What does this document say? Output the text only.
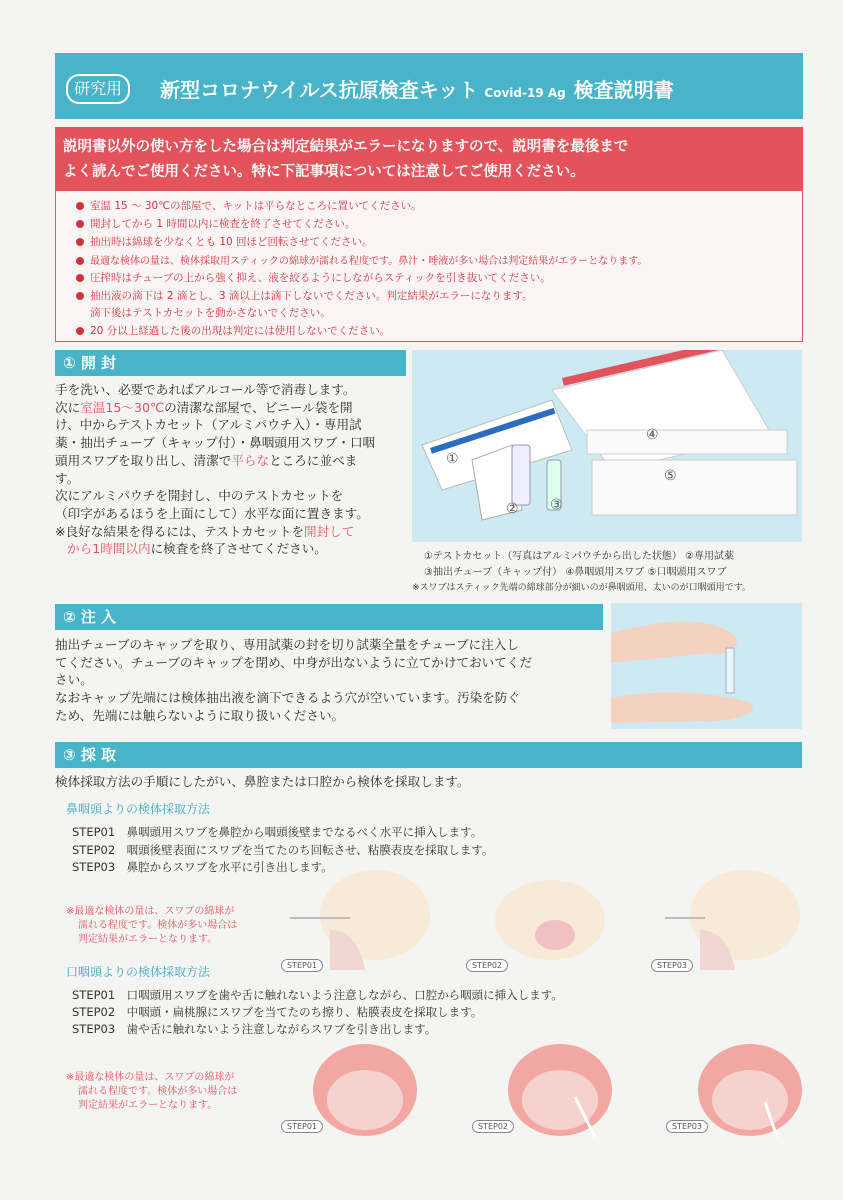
研究用	新型コロナウイルス抗原検査キット Covid-19 Ag 検査説明書
説明書以外の使い方をした場合は判定結果がエラーになりますので、説明書を最後まで
よく読んでご使用ください。特に下記事項については注意してご使用ください。
室温 15 ～ 30℃の部屋で、キットは平らなところに置いてください。
開封してから 1 時間以内に検査を終了させてください。
抽出時は綿球を少なくとも 10 回ほど回転させてください。
最適な検体の量は、検体採取用スティックの綿球が濡れる程度です。鼻汁・唾液が多い場合は判定結果がエラーとなります。
圧搾時はチューブの上から強く抑え、液を絞るようにしながらスティックを引き抜いてください。
抽出液の滴下は 2 滴とし、3 滴以上は滴下しないでください。判定結果がエラーになります。
滴下後はテストカセットを動かさないでください。
20 分以上経過した後の出現は判定には使用しないでください。
① 開 封
手を洗い、必要であればアルコール等で消毒します。
次に室温15～30℃の清潔な部屋で、ビニール袋を開
け、中からテストカセット（アルミパウチ入）・専用試
薬・抽出チューブ（キャップ付）・鼻咽頭用スワブ・口咽
頭用スワブを取り出し、清潔で平らなところに並べま
す。
次にアルミパウチを開封し、中のテストカセットを
（印字があるほうを上面にして）水平な面に置きます。
※良好な結果を得るには、テストカセットを開封して
から1時間以内に検査を終了させてください。
①
② ③
④
⑤
①テストカセット（写真はアルミパウチから出した状態） ②専用試薬
③抽出チューブ（キャップ付） ④鼻咽頭用スワブ ⑤口咽頭用スワブ
※スワブはスティック先端の綿球部分が細いのが鼻咽頭用、太いのが口咽頭用です。
② 注 入
抽出チューブのキャップを取り、専用試薬の封を切り試薬全量をチューブに注入し
てください。チューブのキャップを閉め、中身が出ないように立てかけておいてくだ
さい。
なおキャップ先端には検体抽出液を滴下できるよう穴が空いています。汚染を防ぐ
ため、先端には触らないように取り扱いください。
③ 採 取
検体採取方法の手順にしたがい、鼻腔または口腔から検体を採取します。
鼻咽頭よりの検体採取方法
STEP01　鼻咽頭用スワブを鼻腔から咽頭後壁までなるべく水平に挿入します。
STEP02　咽頭後壁表面にスワブを当てたのち回転させ、粘膜表皮を採取します。
STEP03　鼻腔からスワブを水平に引き出します。
※最適な検体の量は、スワブの綿球が
濡れる程度です。検体が多い場合は
判定結果がエラーとなります。
STEP01	STEP02	STEP03
口咽頭よりの検体採取方法
STEP01　口咽頭用スワブを歯や舌に触れないよう注意しながら、口腔から咽頭に挿入します。
STEP02　中咽頭・扁桃腺にスワブを当てたのち擦り、粘膜表皮を採取します。
STEP03　歯や舌に触れないよう注意しながらスワブを引き出します。
※最適な検体の量は、スワブの綿球が
濡れる程度です。検体が多い場合は
判定結果がエラーとなります。
STEP01	STEP02	STEP03
